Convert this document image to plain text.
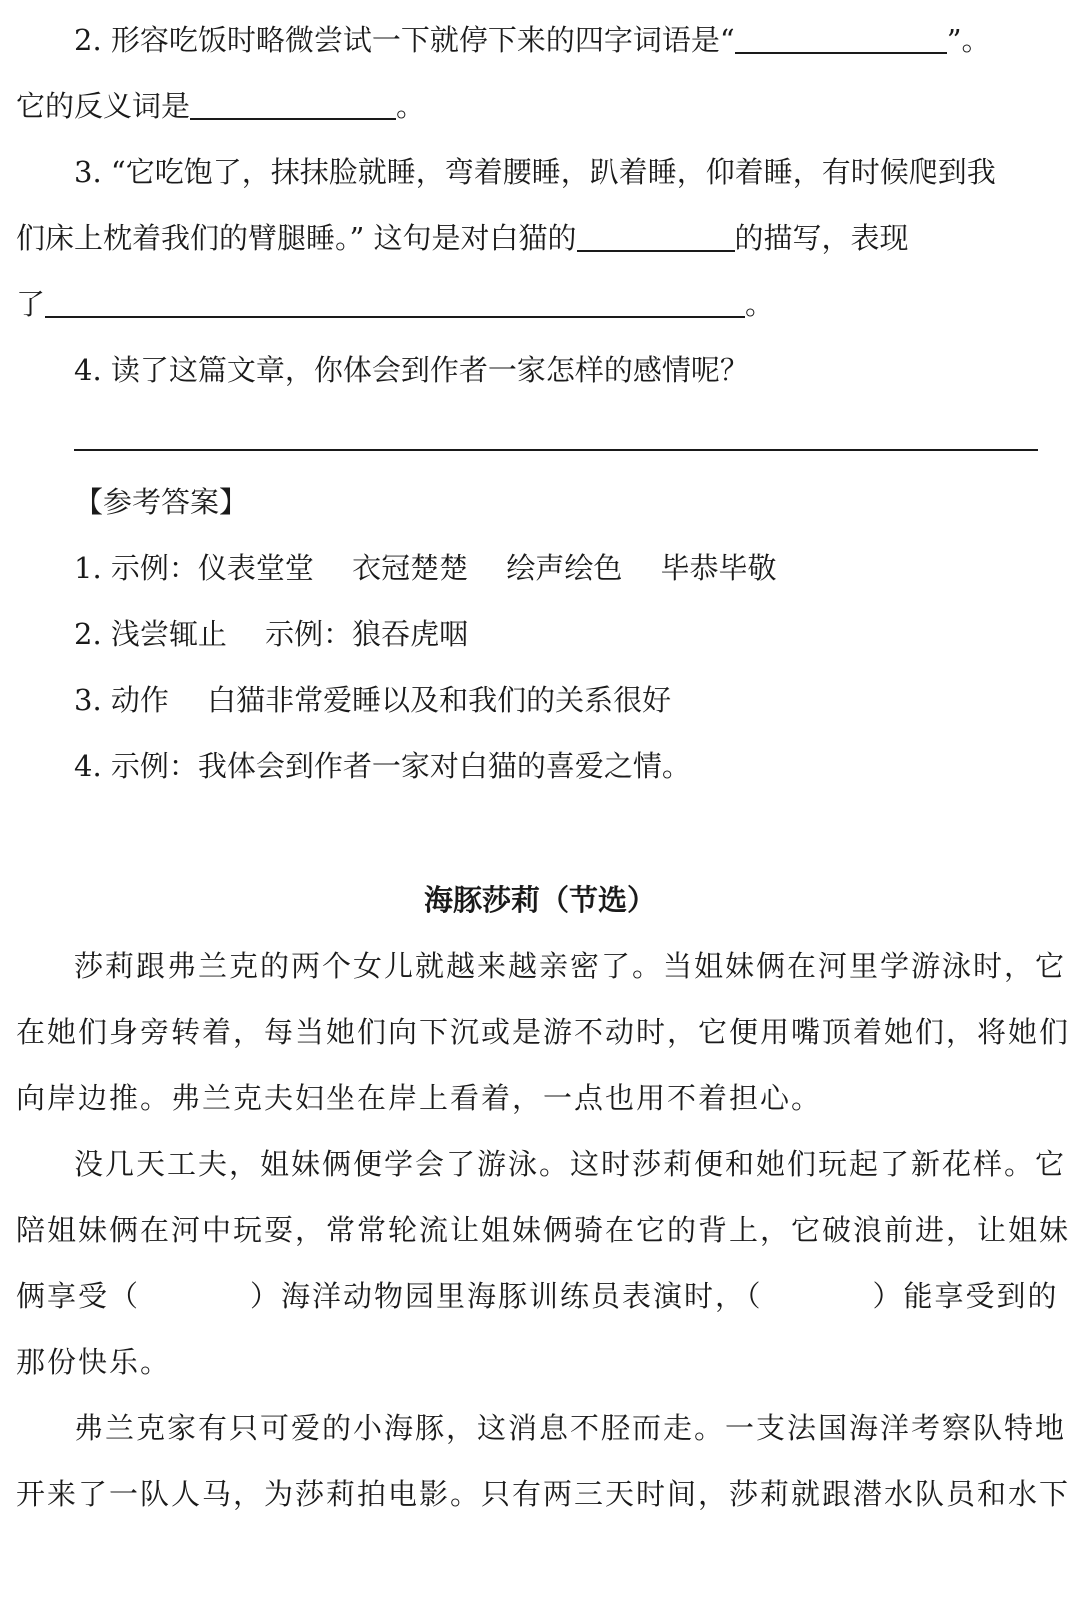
2. 形容吃饭时略微尝试一下就停下来的四字词语是“	”。
它的反义词是	。
3. “它吃饱了，抹抹脸就睡，弯着腰睡，趴着睡，仰着睡，有时候爬到我
们床上枕着我们的臂腿睡。” 这句是对白猫的	的描写，表现
了	。
4. 读了这篇文章，你体会到作者一家怎样的感情呢？
【参考答案】
1. 示例：仪表堂堂　 衣冠楚楚　 绘声绘色　 毕恭毕敬
2. 浅尝辄止　 示例：狼吞虎咽
3. 动作　 白猫非常爱睡以及和我们的关系很好
4. 示例：我体会到作者一家对白猫的喜爱之情。
海豚莎莉（节选）
莎莉跟弗兰克的两个女儿就越来越亲密了。当姐妹俩在河里学游泳时，它
在她们身旁转着，每当她们向下沉或是游不动时，它便用嘴顶着她们，将她们
向岸边推。弗兰克夫妇坐在岸上看着，一点也用不着担心。
没几天工夫，姐妹俩便学会了游泳。这时莎莉便和她们玩起了新花样。它
陪姐妹俩在河中玩耍，常常轮流让姐妹俩骑在它的背上，它破浪前进，让姐妹
俩享受（	）海洋动物园里海豚训练员表演时，（	）能享受到的
那份快乐。
弗兰克家有只可爱的小海豚，这消息不胫而走。一支法国海洋考察队特地
开来了一队人马，为莎莉拍电影。只有两三天时间，莎莉就跟潜水队员和水下
